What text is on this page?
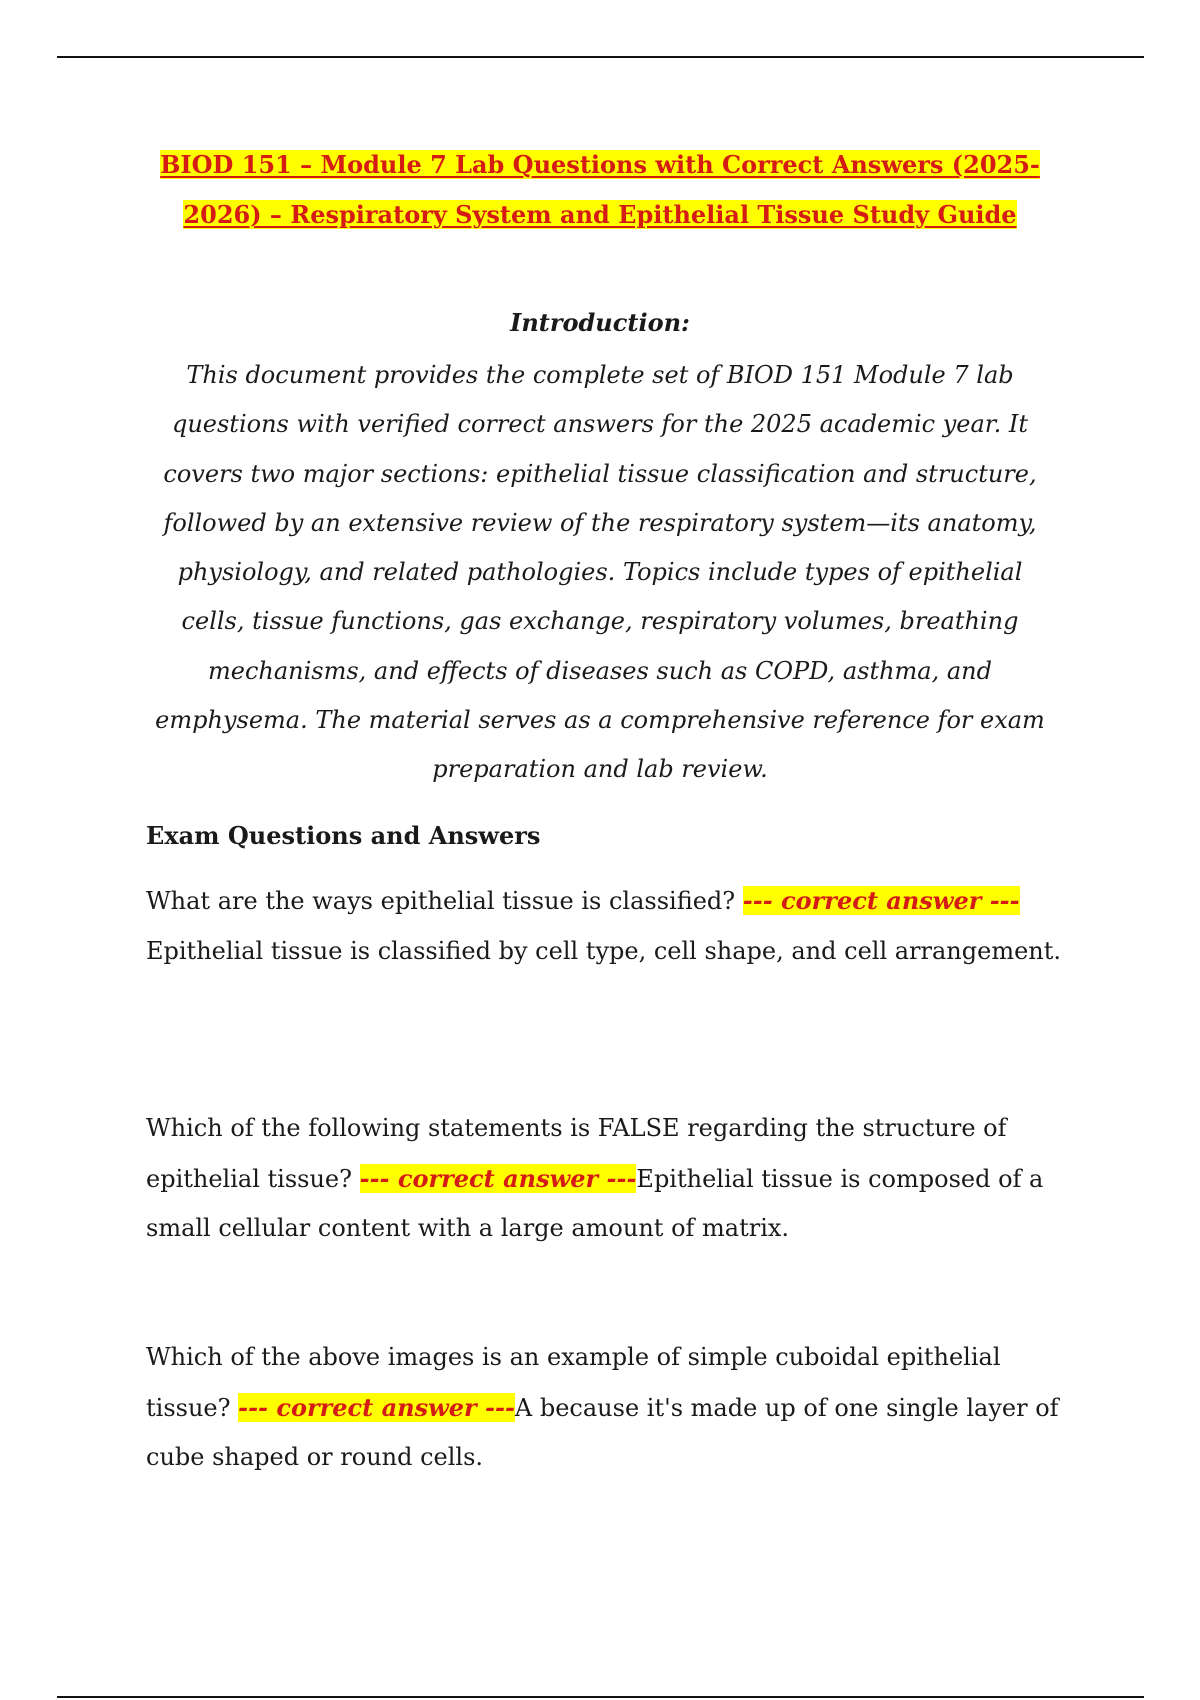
BIOD 151 – Module 7 Lab Questions with Correct Answers (2025-2026) – Respiratory System and Epithelial Tissue Study Guide
Introduction:
This document provides the complete set of BIOD 151 Module 7 lab questions with verified correct answers for the 2025 academic year. It covers two major sections: epithelial tissue classification and structure, followed by an extensive review of the respiratory system—its anatomy, physiology, and related pathologies. Topics include types of epithelial cells, tissue functions, gas exchange, respiratory volumes, breathing mechanisms, and effects of diseases such as COPD, asthma, and emphysema. The material serves as a comprehensive reference for exam preparation and lab review.
Exam Questions and Answers
What are the ways epithelial tissue is classified? --- correct answer ---Epithelial tissue is classified by cell type, cell shape, and cell arrangement.
Which of the following statements is FALSE regarding the structure of epithelial tissue? --- correct answer ---Epithelial tissue is composed of a small cellular content with a large amount of matrix.
Which of the above images is an example of simple cuboidal epithelial tissue? --- correct answer ---A because it's made up of one single layer of cube shaped or round cells.
